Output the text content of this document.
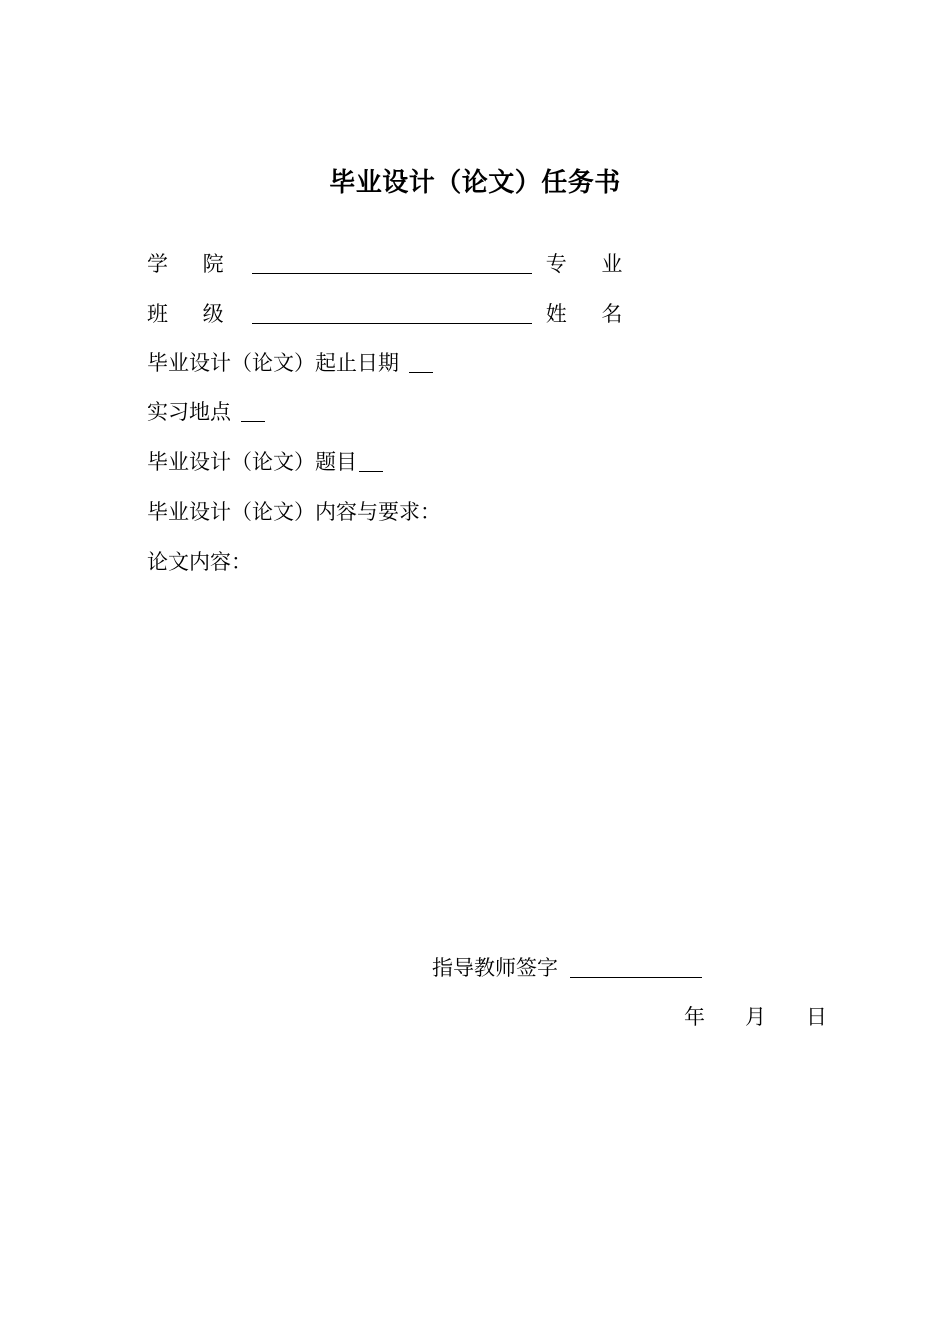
毕业设计（论文）任务书
学 院	专 业
班 级	姓 名
毕业设计（论文）起止日期
实习地点
毕业设计（论文）题目
毕业设计（论文）内容与要求：
论文内容：
指导教师签字
年 月 日
